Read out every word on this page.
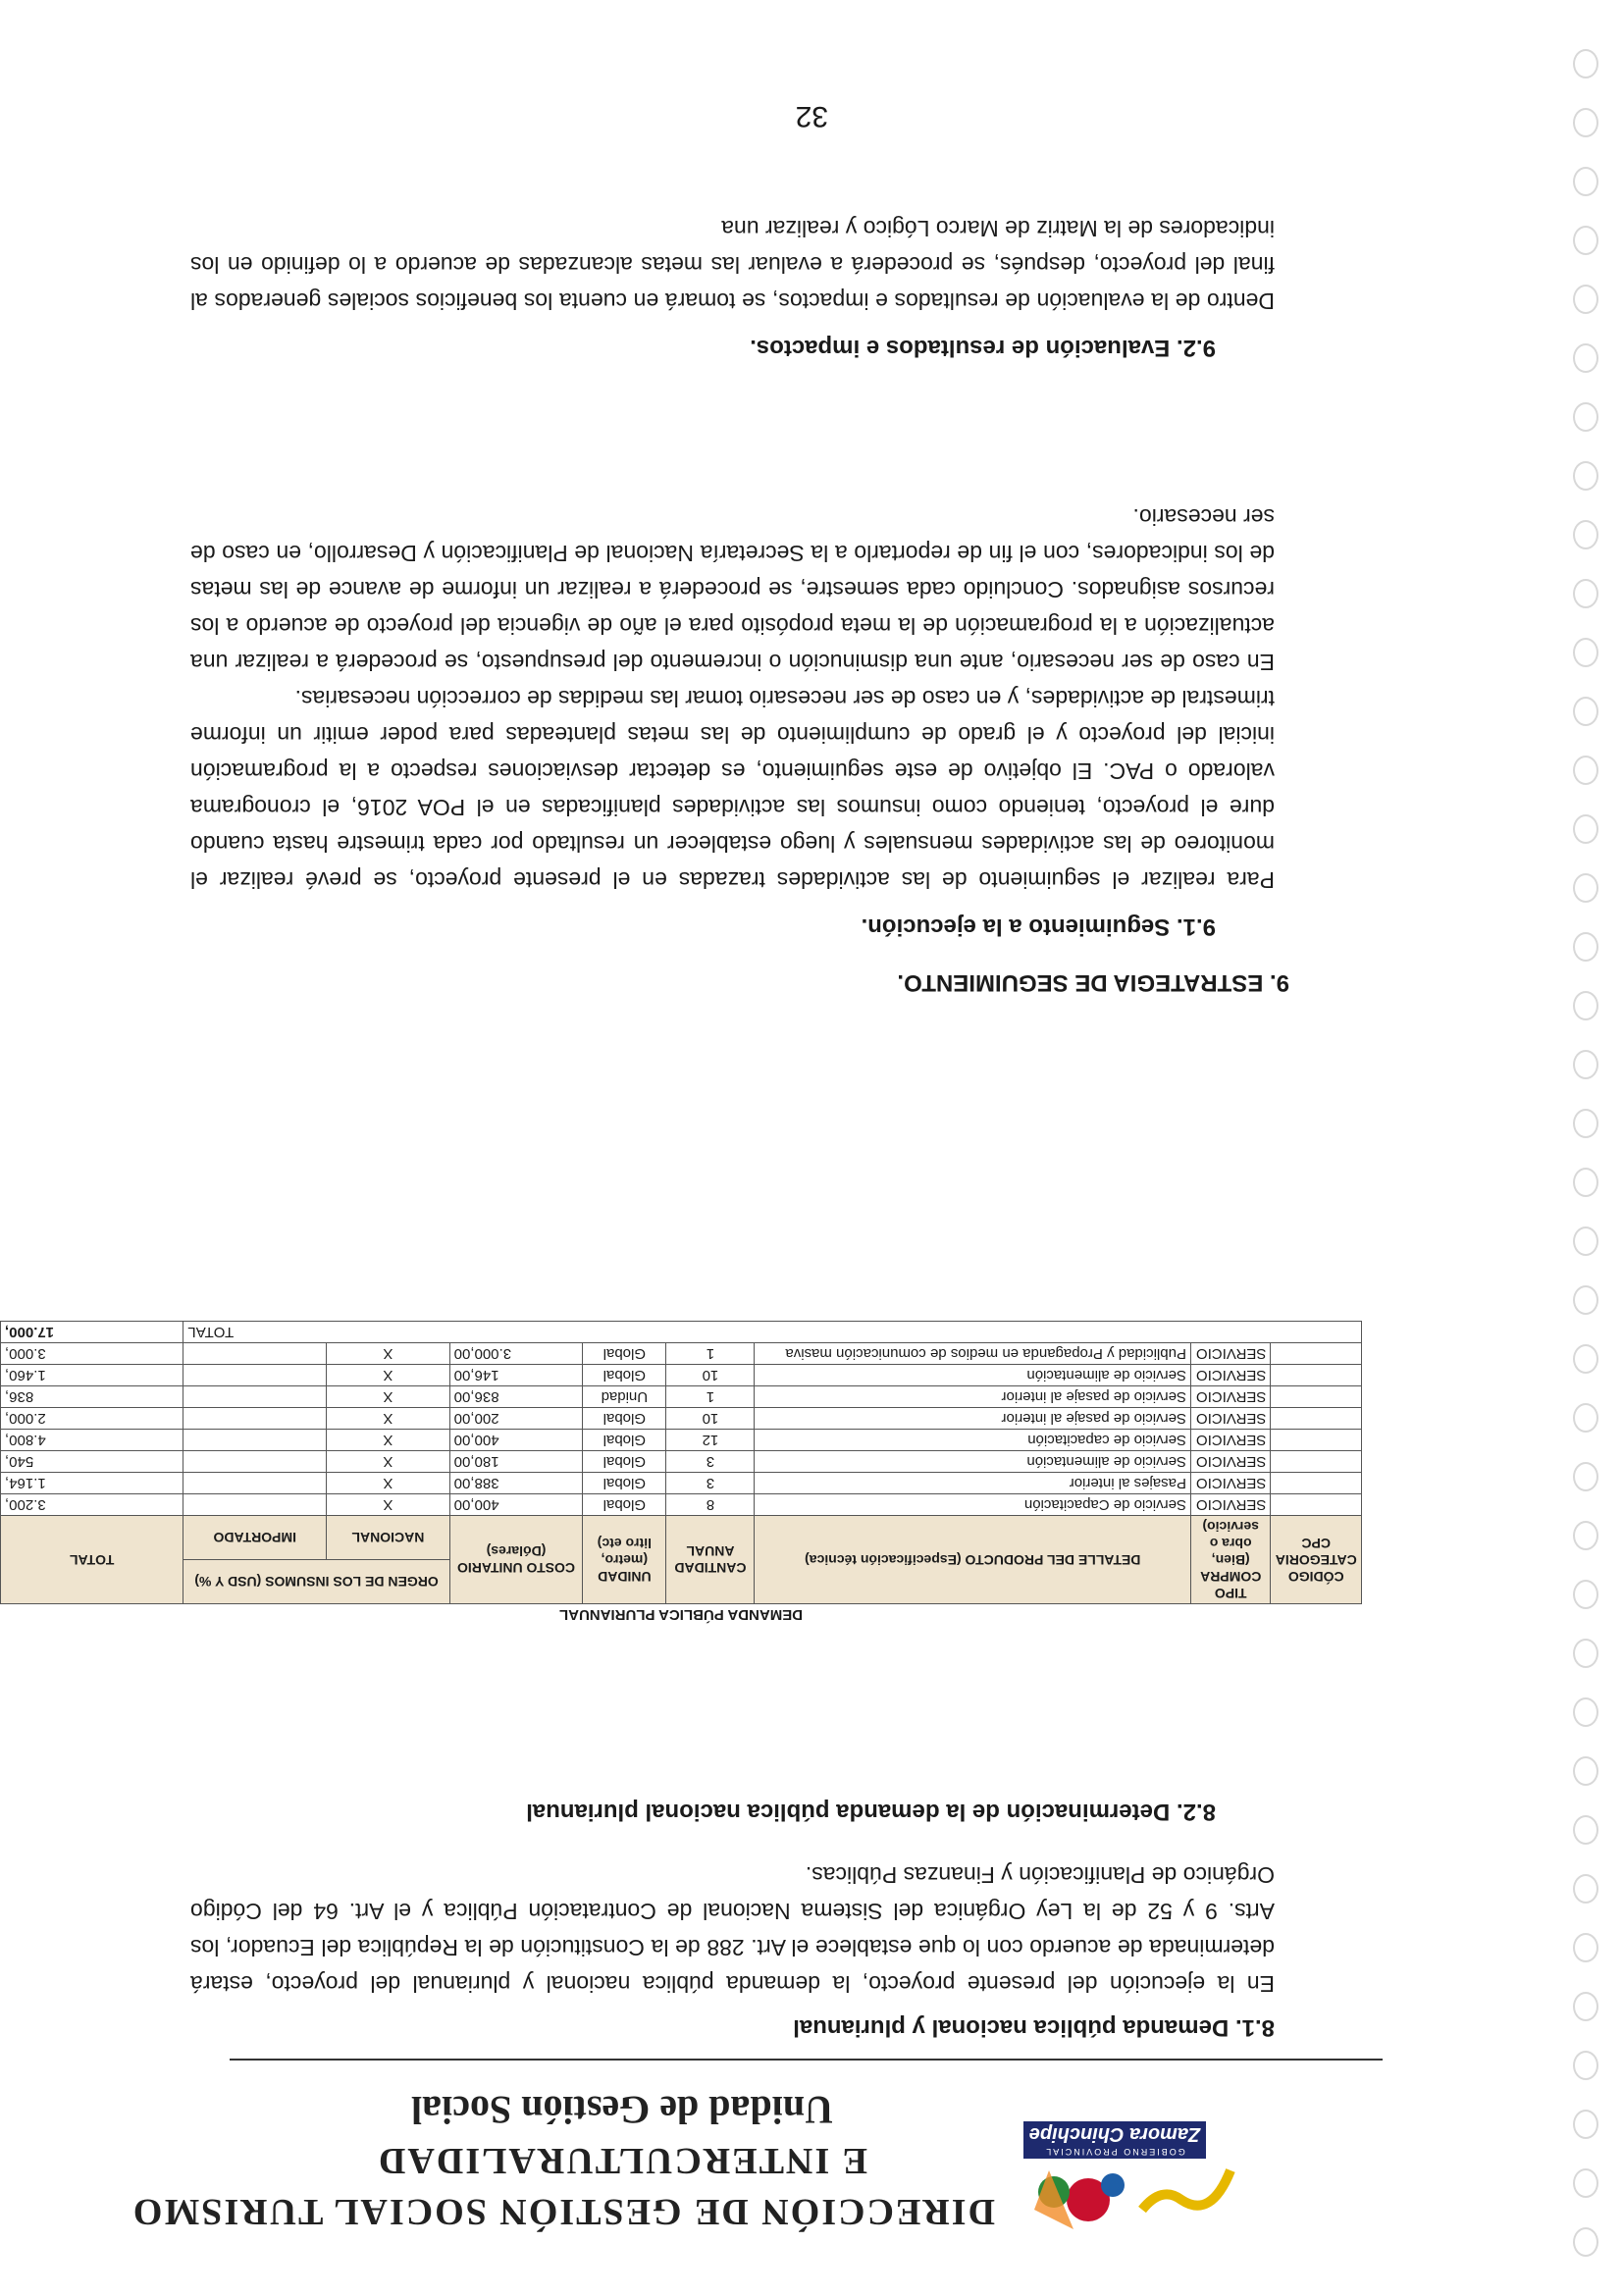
GOBIERNO PROVINCIAL
Zamora Chinchipe
DIRECCIÓN DE GESTIÓN SOCIAL TURISMO
E INTERCULTURALIDAD
Unidad de Gestión Social
8.1. Demanda pública nacional y plurianual

En la ejecución del presente proyecto, la demanda pública nacional y plurianual del proyecto, estará determinada de acuerdo con lo que establece el Art. 288 de la Constitución de la República del Ecuador, los Arts. 9 y 52 de la Ley Orgánica del Sistema Nacional de Contratación Pública y el Art. 64 del Código Orgánico de Planificación y Finanzas Públicas.

8.2. Determinación de la demanda pública nacional plurianual
DEMANDA PÚBLICA PLURIANUAL								
CÓDIGO CATEGORIA CPC	TIPO COMPRA (Bien, obra o servicio)	DETALLE DEL PRODUCTO (Especificación técnica)	CANTIDAD ANUAL	UNIDAD (metro, litro etc)	COSTO UNITARIO (Dólares)	ORGEN DE LOS INSUMOS (USD Y %)		TOTAL
						NACIONAL	IMPORTADO	
	SERVICIO	Servicio de Capacitación	8	Global	400,00	X		3.200,
	SERVICIO	Pasajes al interior	3	Global	388,00	X		1.164,
	SERVICIO	Servicio de alimentación	3	Global	180,00	X		540,
	SERVICIO	Servicio de capacitación	12	Global	400,00	X		4.800,
	SERVICIO	Servicio de pasaje al interior	10	Global	200,00	X		2.000,
	SERVICIO	Servicio de pasaje al interior	1	Unidad	836,00	X		836,
	SERVICIO	Servicio de alimentación	10	Global	146,00	X		1.460,
	SERVICIO	Publicidad y Propaganda en medios de comunicación masiva	1	Global	3.000,00	X		3.000,
TOTAL								17.000,
9. ESTRATEGIA DE SEGUIMIENTO.
9.1. Seguimiento a la ejecución.

Para realizar el seguimiento de las actividades trazadas en el presente proyecto, se prevé realizar el monitoreo de las actividades mensuales y luego establecer un resultado por cada trimestre hasta cuando dure el proyecto, teniendo como insumos las actividades planificadas en el POA 2016, el cronograma valorado o PAC. El objetivo de este seguimiento, es detectar desviaciones respecto a la programación inicial del proyecto y el grado de cumplimiento de las metas planteadas para poder emitir un informe trimestral de actividades, y en caso de ser necesario tomar las medidas de corrección necesarias.

En caso de ser necesario, ante una disminución o incremento del presupuesto, se procederá a realizar una actualización a la programación de la meta propósito para el año de vigencia del proyecto de acuerdo a los recursos asignados. Concluido cada semestre, se procederá a realizar un informe de avance de las metas de los indicadores, con el fin de reportarlo a la Secretaría Nacional de Planificación y Desarrollo, en caso de ser necesario.

9.2. Evaluación de resultados e impactos.

Dentro de la evaluación de resultados e impactos, se tomará en cuenta los beneficios sociales generados al final del proyecto, después, se procederá a evaluar las metas alcanzadas de acuerdo a lo definido en los indicadores de la Matriz de Marco Lógico y realizar una

32
